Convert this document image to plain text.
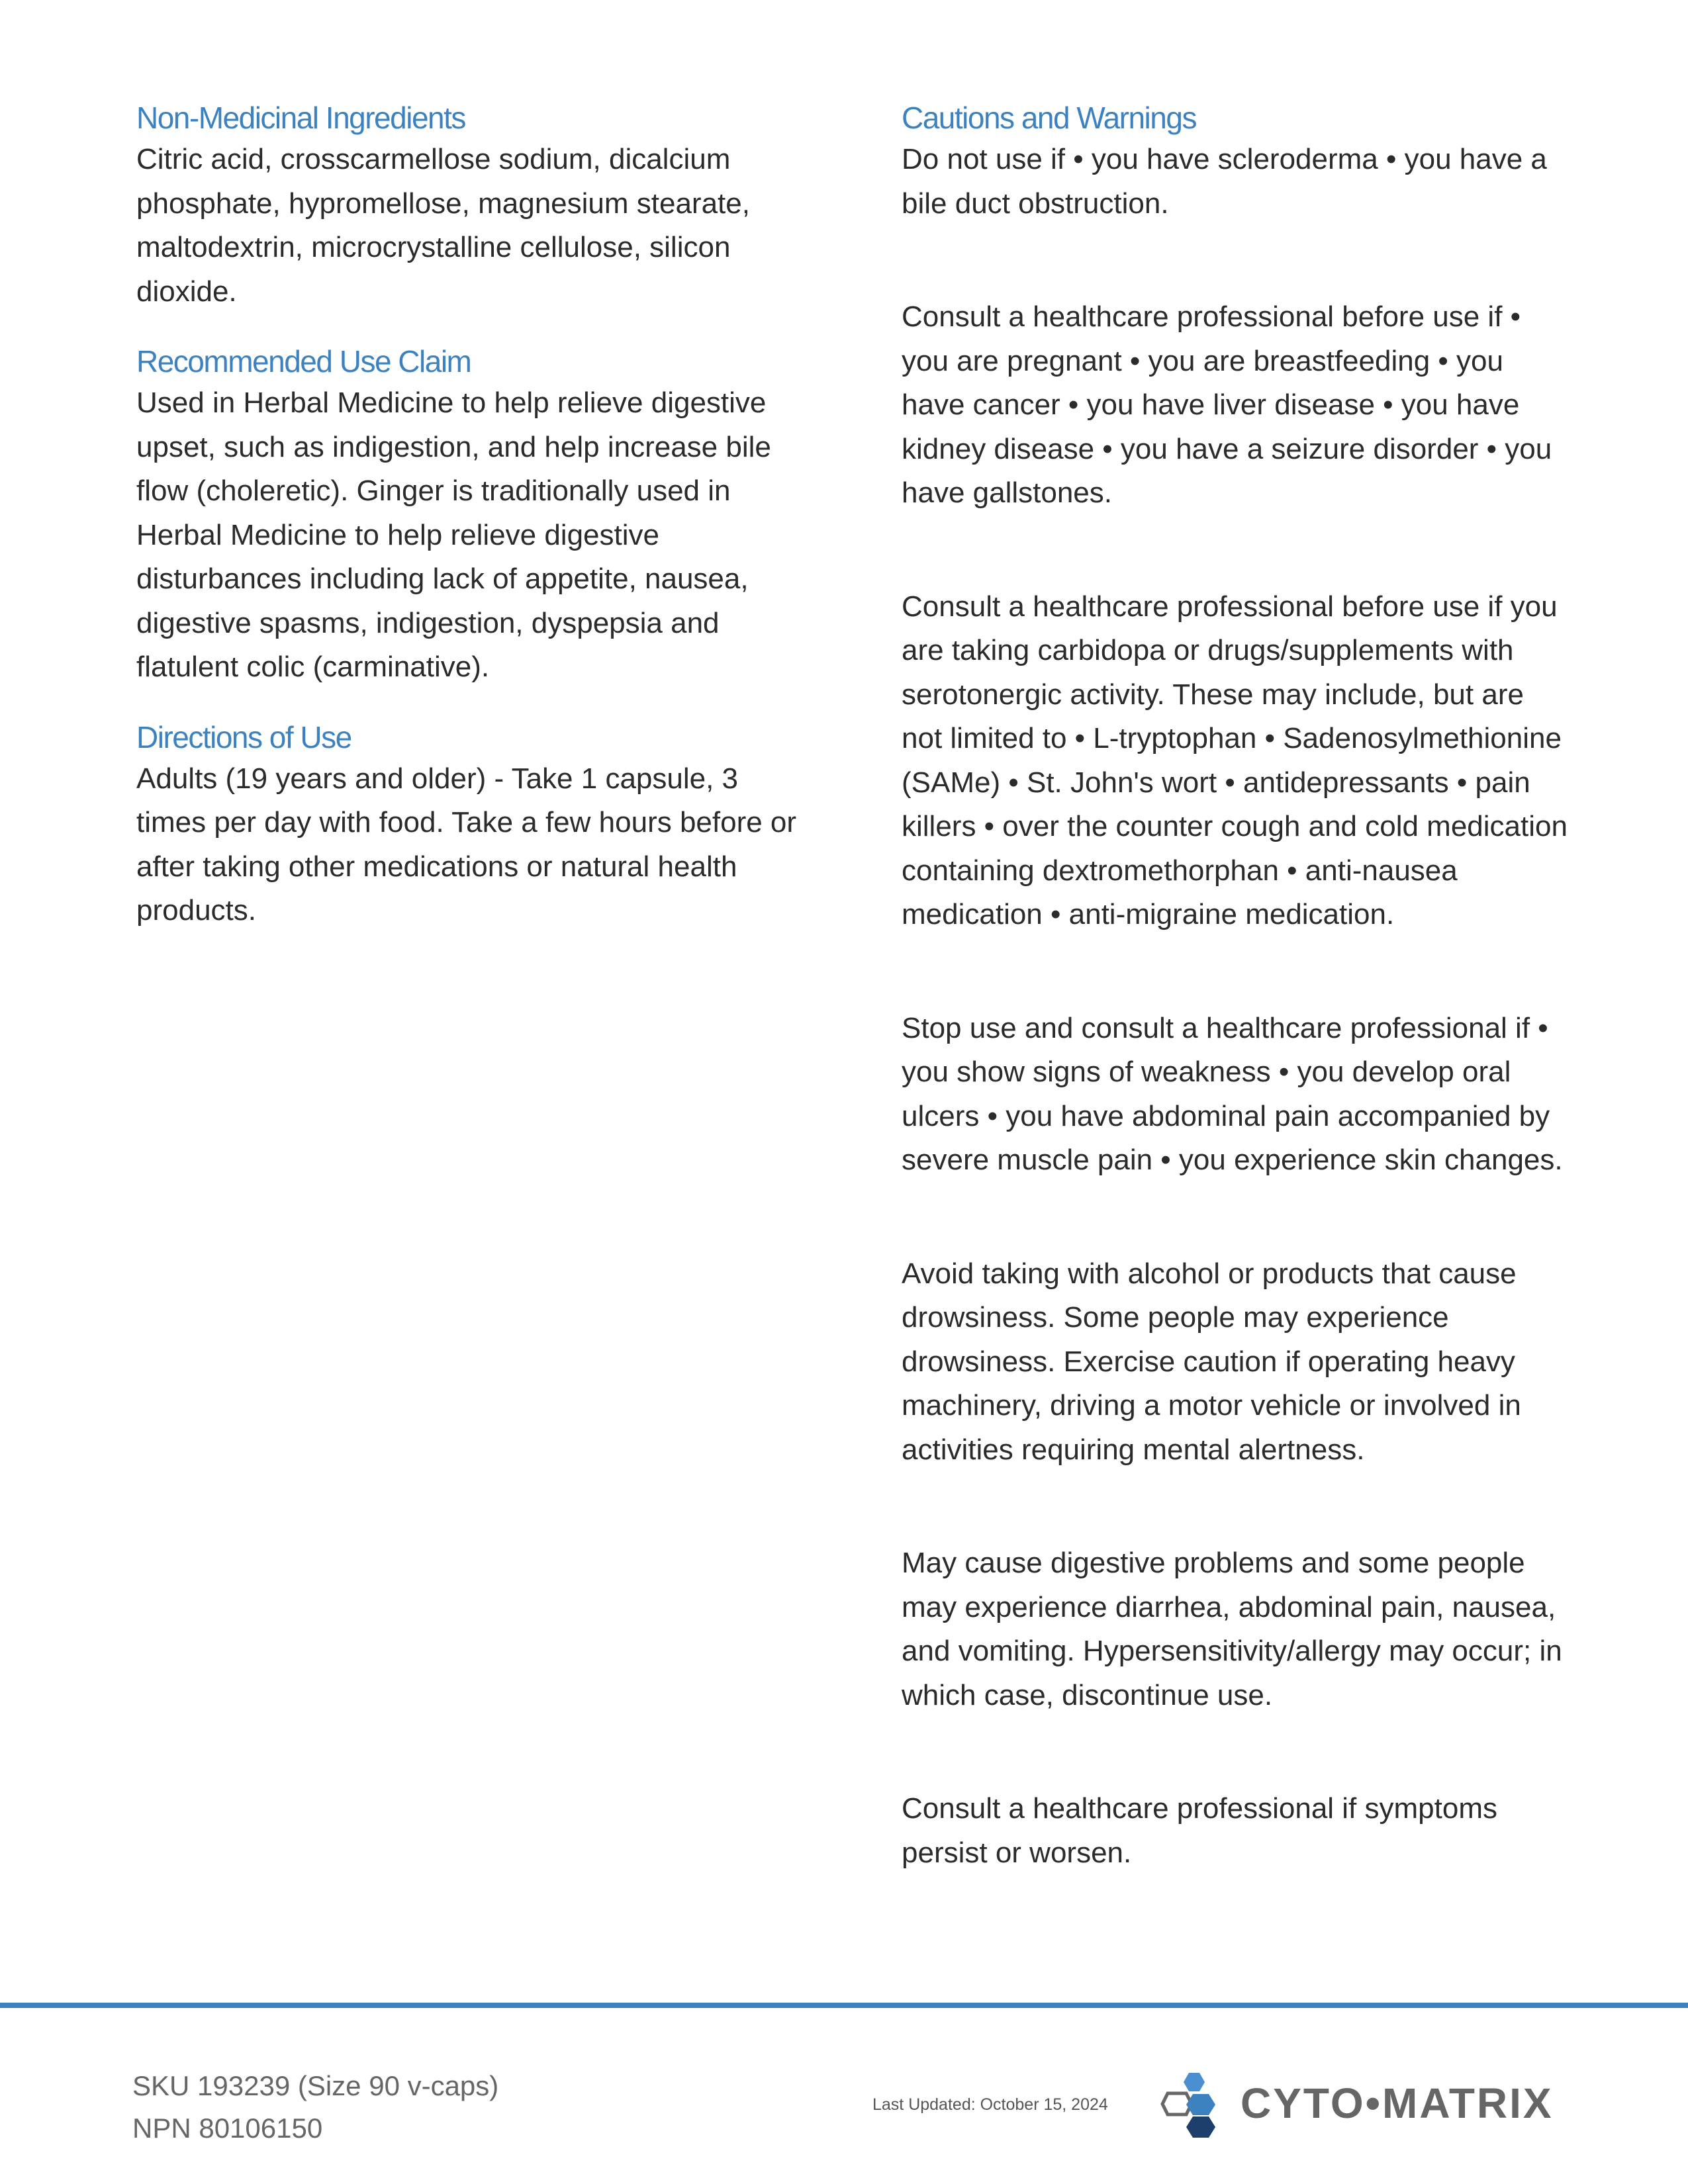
Non-Medicinal Ingredients

Citric acid, crosscarmellose sodium, dicalcium phosphate, hypromellose, magnesium stearate, maltodextrin, microcrystalline cellulose, silicon dioxide.

Recommended Use Claim

Used in Herbal Medicine to help relieve digestive upset, such as indigestion, and help increase bile flow (choleretic). Ginger is traditionally used in Herbal Medicine to help relieve digestive disturbances including lack of appetite, nausea, digestive spasms, indigestion, dyspepsia and flatulent colic (carminative).

Directions of Use

Adults (19 years and older) - Take 1 capsule, 3 times per day with food. Take a few hours before or after taking other medications or natural health products.

Cautions and Warnings

Do not use if • you have scleroderma • you have a bile duct obstruction.

Consult a healthcare professional before use if • you are pregnant • you are breastfeeding • you have cancer • you have liver disease • you have kidney disease • you have a seizure disorder • you have gallstones.

Consult a healthcare professional before use if you are taking carbidopa or drugs/supplements with serotonergic activity. These may include, but are not limited to • L-tryptophan • Sadenosylmethionine (SAMe) • St. John's wort • antidepressants • pain killers • over the counter cough and cold medication containing dextromethorphan • anti-nausea medication • anti-migraine medication.

Stop use and consult a healthcare professional if • you show signs of weakness • you develop oral ulcers • you have abdominal pain accompanied by severe muscle pain • you experience skin changes.

Avoid taking with alcohol or products that cause drowsiness. Some people may experience drowsiness. Exercise caution if operating heavy machinery, driving a motor vehicle or involved in activities requiring mental alertness.

May cause digestive problems and some people may experience diarrhea, abdominal pain, nausea, and vomiting. Hypersensitivity/allergy may occur; in which case, discontinue use.

Consult a healthcare professional if symptoms persist or worsen.

SKU 193239 (Size 90 v-caps)
NPN 80106150
Last Updated: October 15, 2024	CYTO•MATRIX
